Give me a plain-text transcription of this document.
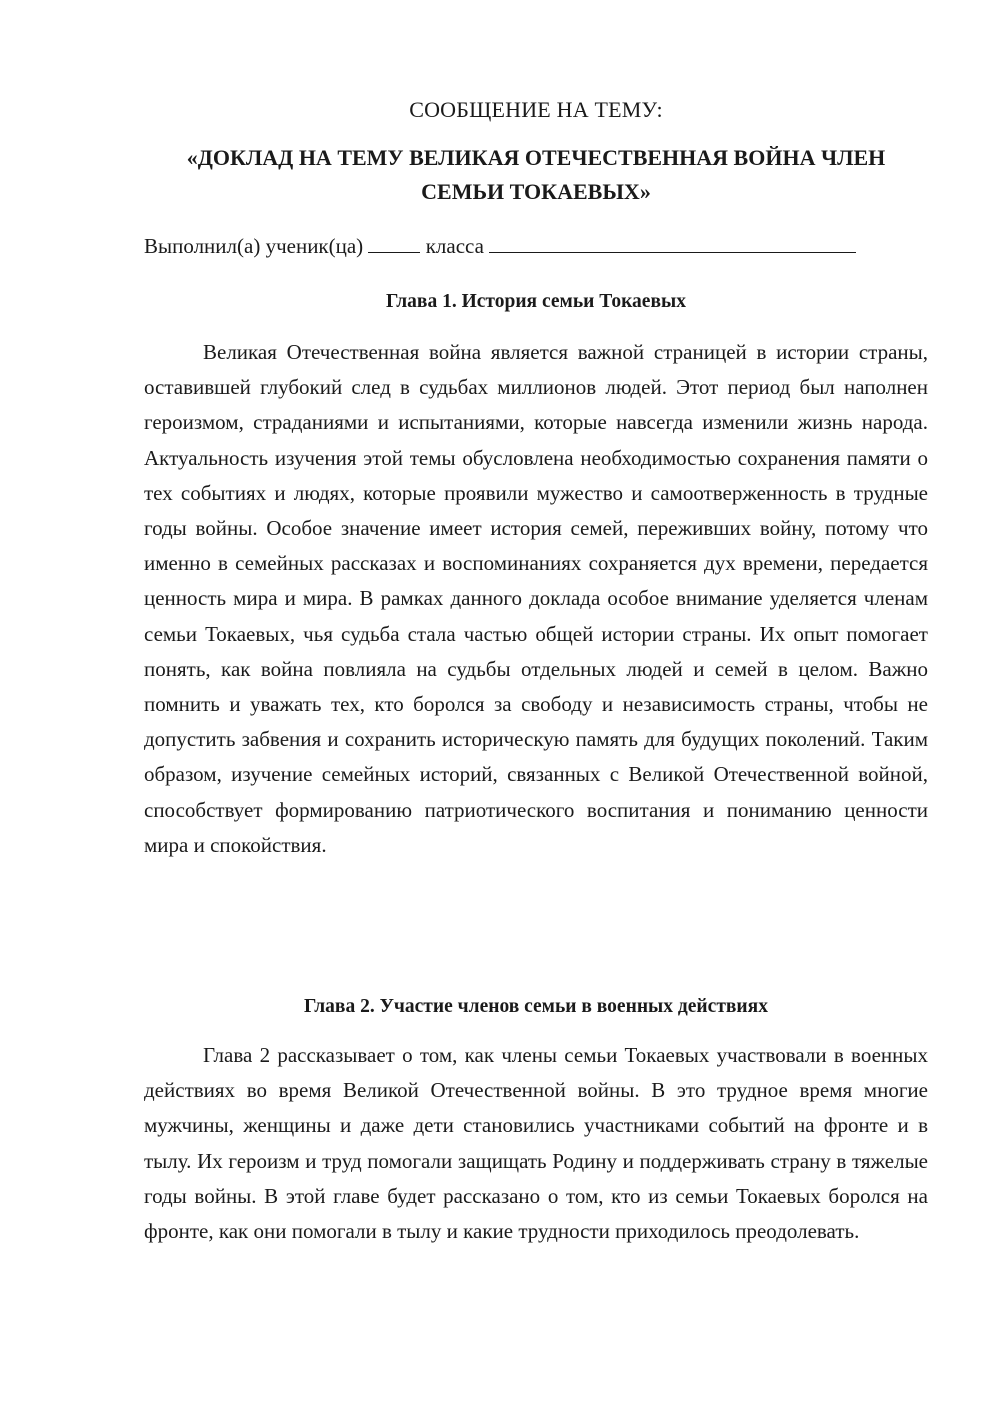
СООБЩЕНИЕ НА ТЕМУ:
«ДОКЛАД НА ТЕМУ ВЕЛИКАЯ ОТЕЧЕСТВЕННАЯ ВОЙНА ЧЛЕН СЕМЬИ ТОКАЕВЫХ»
Выполнил(а) ученик(ца)	класса
Глава 1. История семьи Токаевых

Великая Отечественная война является важной страницей в истории страны, оставившей глубокий след в судьбах миллионов людей. Этот период был наполнен героизмом, страданиями и испытаниями, которые навсегда изменили жизнь народа. Актуальность изучения этой темы обусловлена необходимостью сохранения памяти о тех событиях и людях, которые проявили мужество и самоотверженность в трудные годы войны. Особое значение имеет история семей, переживших войну, потому что именно в семейных рассказах и воспоминаниях сохраняется дух времени, передается ценность мира и мира. В рамках данного доклада особое внимание уделяется членам семьи Токаевых, чья судьба стала частью общей истории страны. Их опыт помогает понять, как война повлияла на судьбы отдельных людей и семей в целом. Важно помнить и уважать тех, кто боролся за свободу и независимость страны, чтобы не допустить забвения и сохранить историческую память для будущих поколений. Таким образом, изучение семейных историй, связанных с Великой Отечественной войной, способствует формированию патриотического воспитания и пониманию ценности мира и спокойствия.

Глава 2. Участие членов семьи в военных действиях

Глава 2 рассказывает о том, как члены семьи Токаевых участвовали в военных действиях во время Великой Отечественной войны. В это трудное время многие мужчины, женщины и даже дети становились участниками событий на фронте и в тылу. Их героизм и труд помогали защищать Родину и поддерживать страну в тяжелые годы войны. В этой главе будет рассказано о том, кто из семьи Токаевых боролся на фронте, как они помогали в тылу и какие трудности приходилось преодолевать.
